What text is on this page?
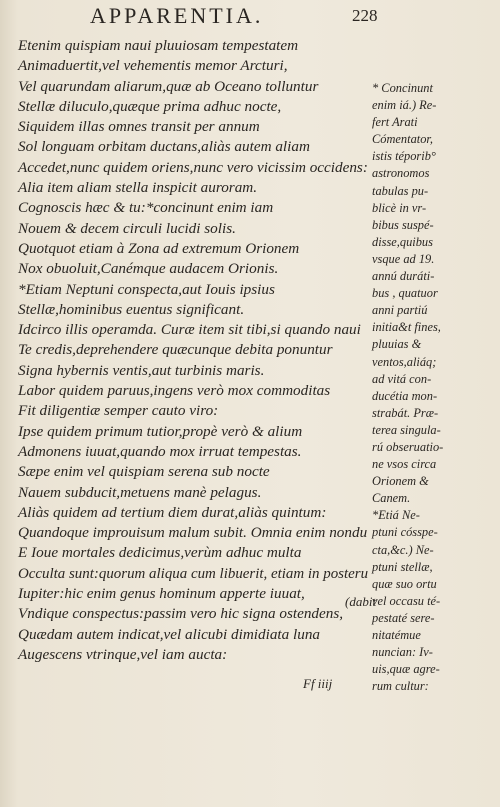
APPARENTIA.	228
Etenim quispiam naui pluuiosam tempestatem
Animaduertit,vel vehementis memor Arcturi,
Vel quarundam aliarum,quæ ab Oceano tolluntur
Stellæ diluculo,quæque prima adhuc nocte,
Siquidem illas omnes transit per annum
Sol longuam orbitam ductans,aliàs autem aliam
Accedet,nunc quidem oriens,nunc vero vicissim occidens:
Alia item aliam stella inspicit auroram.
Cognoscis hæc & tu:*concinunt enim iam
Nouem & decem circuli lucidi solis.
Quotquot etiam à Zona ad extremum Orionem
Nox obuoluit,Canémque audacem Orionis.
*Etiam Neptuni conspecta,aut Iouis ipsius
Stellæ,hominibus euentus significant.
Idcirco illis operamda. Curæ item sit tibi,si quando naui
Te credis,deprehendere quæcunque debita ponuntur
Signa hybernis ventis,aut turbinis maris.
Labor quidem paruus,ingens verò mox commoditas
Fit diligentiæ semper cauto viro:
Ipse quidem primum tutior,propè verò & alium
Admonens iuuat,quando mox irruat tempestas.
Sæpe enim vel quispiam serena sub nocte
Nauem subducit,metuens manè pelagus.
Aliàs quidem ad tertium diem durat,aliàs quintum:
Quandoque improuisum malum subit. Omnia enim nondu
E Ioue mortales dedicimus,verùm adhuc multa
Occulta sunt:quorum aliqua cum libuerit, etiam in posteru
Iupiter:hic enim genus hominum apperte iuuat,
Vndique conspectus:passim vero hic signa ostendens,
Quædam autem indicat,vel alicubi dimidiata luna
Augescens vtrinque,vel iam aucta:
* Concinunt
enim iá.) Re-
fert Arati
Cómentator,
istis téporib°
astronomos
tabulas pu-
blicè in vr-
bibus suspé-
disse,quibus
vsque ad 19.
annú duráti-
bus , quatuor
anni partiú
initia&t fines,
pluuias &
ventos,aliáq;
ad vitá con-
ducétia mon-
strabát. Præ-
terea singula-
rú obseruatio-
ne vsos circa
Orionem &
Canem.
*Etiá Ne-
ptuni cósspe-
cta,&c.) Ne-
ptuni stellæ,
quæ suo ortu
vel occasu té-
pestaté sere-
nitatémue
nuncian: Iv-
uis,quæ agre-
rum cultur:
(dabit
Ff iiij
